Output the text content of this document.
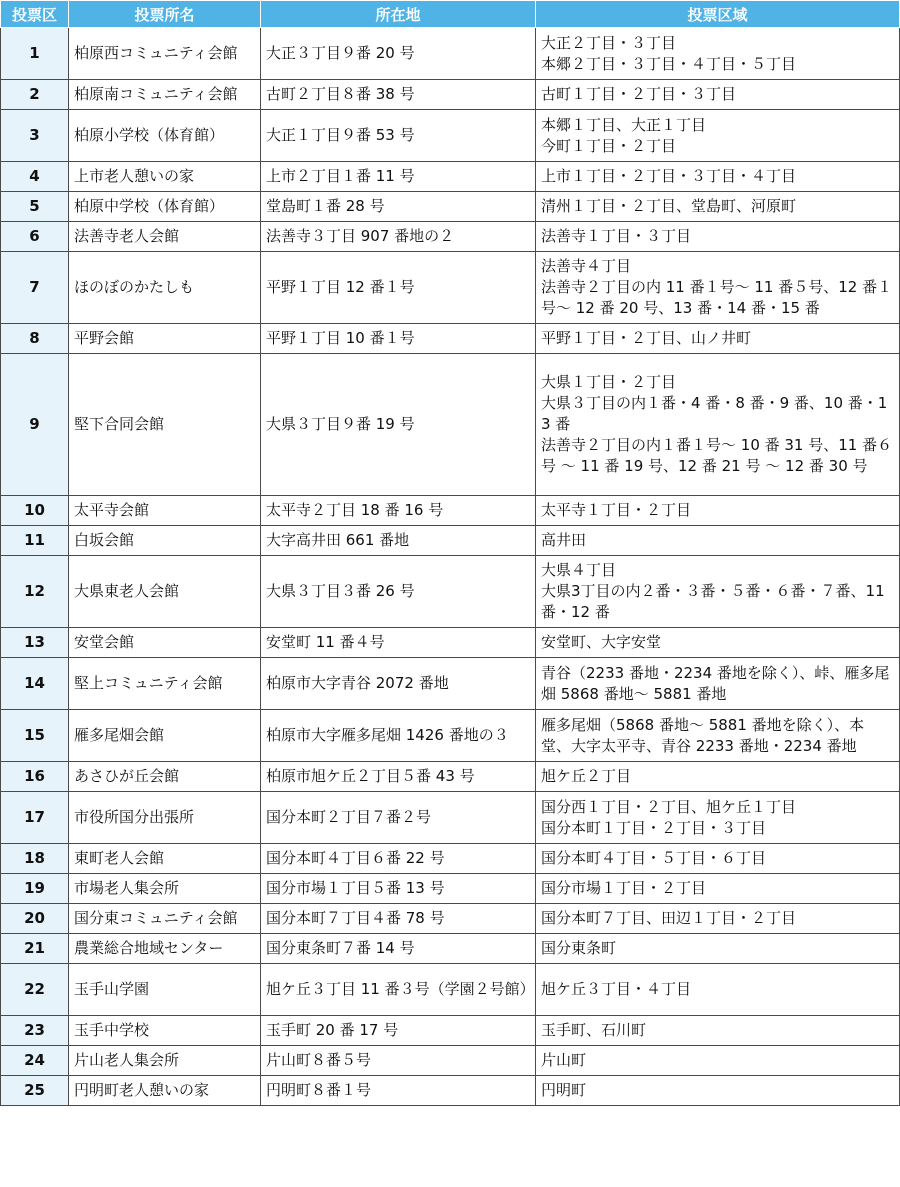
投票区	投票所名	所在地	投票区域
1	柏原西コミュニティ会館	大正３丁目９番 20 号	大正２丁目・３丁目
本郷２丁目・３丁目・４丁目・５丁目

2	柏原南コミュニティ会館	古町２丁目８番 38 号	古町１丁目・２丁目・３丁目

3	柏原小学校（体育館）	大正１丁目９番 53 号	本郷１丁目、大正１丁目
今町１丁目・２丁目

4	上市老人憩いの家	上市２丁目１番 11 号	上市１丁目・２丁目・３丁目・４丁目

5	柏原中学校（体育館）	堂島町１番 28 号	清州１丁目・２丁目、堂島町、河原町

6	法善寺老人会館	法善寺３丁目 907 番地の２	法善寺１丁目・３丁目

7	ほのぼのかたしも	平野１丁目 12 番１号	法善寺４丁目
法善寺２丁目の内 11 番１号～ 11 番５号、12 番１号～ 12 番 20 号、13 番・14 番・15 番

8	平野会館	平野１丁目 10 番１号	平野１丁目・２丁目、山ノ井町

9	堅下合同会館	大県３丁目９番 19 号	大県１丁目・２丁目
大県３丁目の内１番・4 番・8 番・9 番、10 番・13 番
法善寺２丁目の内１番１号～ 10 番 31 号、11 番６号 ～ 11 番 19 号、12 番 21 号 ～ 12 番 30 号

10	太平寺会館	太平寺２丁目 18 番 16 号	太平寺１丁目・２丁目

11	白坂会館	大字高井田 661 番地	高井田

12	大県東老人会館	大県３丁目３番 26 号	大県４丁目
大県3丁目の内２番・３番・５番・６番・７番、11 番・12 番

13	安堂会館	安堂町 11 番４号	安堂町、大字安堂

14	堅上コミュニティ会館	柏原市大字青谷 2072 番地	青谷（2233 番地・2234 番地を除く）、峠、雁多尾畑 5868 番地～ 5881 番地

15	雁多尾畑会館	柏原市大字雁多尾畑 1426 番地の３	雁多尾畑（5868 番地～ 5881 番地を除く）、本堂、大字太平寺、青谷 2233 番地・2234 番地

16	あさひが丘会館	柏原市旭ケ丘２丁目５番 43 号	旭ケ丘２丁目

17	市役所国分出張所	国分本町２丁目７番２号	国分西１丁目・２丁目、旭ケ丘１丁目
国分本町１丁目・２丁目・３丁目

18	東町老人会館	国分本町４丁目６番 22 号	国分本町４丁目・５丁目・６丁目

19	市場老人集会所	国分市場１丁目５番 13 号	国分市場１丁目・２丁目

20	国分東コミュニティ会館	国分本町７丁目４番 78 号	国分本町７丁目、田辺１丁目・２丁目

21	農業総合地域センター	国分東条町７番 14 号	国分東条町

22	玉手山学園	旭ケ丘３丁目 11 番３号（学園２号館）	旭ケ丘３丁目・４丁目

23	玉手中学校	玉手町 20 番 17 号	玉手町、石川町

24	片山老人集会所	片山町８番５号	片山町

25	円明町老人憩いの家	円明町８番１号	円明町
